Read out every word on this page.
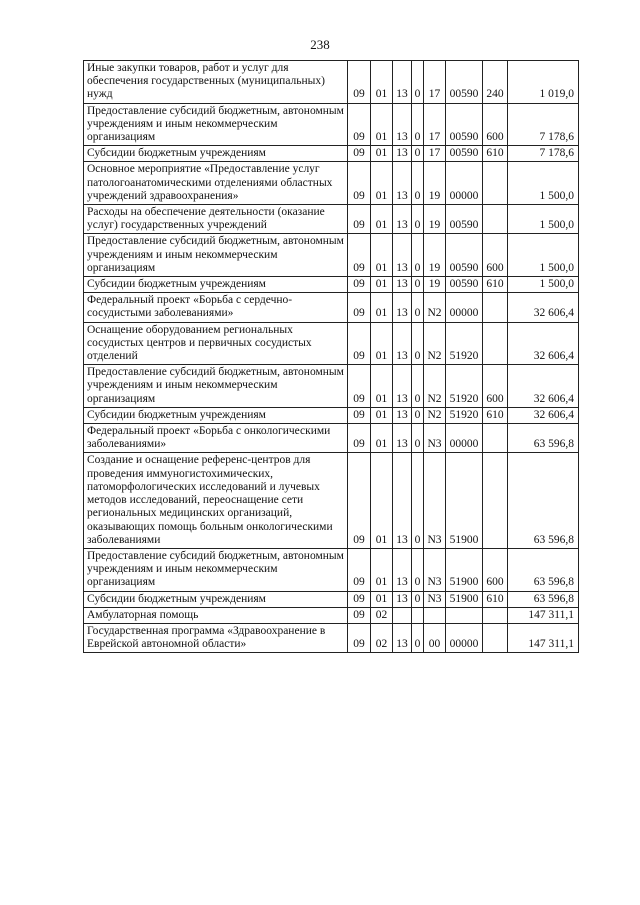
238
Иные закупки товаров, работ и услуг для обеспечения государственных (муниципальных) нужд	09	01	13	0	17	00590	240	1 019,0
Предоставление субсидий бюджетным, автономным учреждениям и иным некоммерческим организациям	09	01	13	0	17	00590	600	7 178,6
Субсидии бюджетным учреждениям	09	01	13	0	17	00590	610	7 178,6
Основное мероприятие «Предоставление услуг патологоанатомическими отделениями областных учреждений здравоохранения»	09	01	13	0	19	00000		1 500,0
Расходы на обеспечение деятельности (оказание услуг) государственных учреждений	09	01	13	0	19	00590		1 500,0
Предоставление субсидий бюджетным, автономным учреждениям и иным некоммерческим организациям	09	01	13	0	19	00590	600	1 500,0
Субсидии бюджетным учреждениям	09	01	13	0	19	00590	610	1 500,0
Федеральный проект «Борьба с сердечно-сосудистыми заболеваниями»	09	01	13	0	N2	00000		32 606,4
Оснащение оборудованием региональных сосудистых центров и первичных сосудистых отделений	09	01	13	0	N2	51920		32 606,4
Предоставление субсидий бюджетным, автономным учреждениям и иным некоммерческим организациям	09	01	13	0	N2	51920	600	32 606,4
Субсидии бюджетным учреждениям	09	01	13	0	N2	51920	610	32 606,4
Федеральный проект «Борьба с онкологическими заболеваниями»	09	01	13	0	N3	00000		63 596,8
Создание и оснащение референс-центров для проведения иммуногистохимических, патоморфологических исследований и лучевых методов исследований, переоснащение сети региональных медицинских организаций, оказывающих помощь больным онкологическими заболеваниями	09	01	13	0	N3	51900		63 596,8
Предоставление субсидий бюджетным, автономным учреждениям и иным некоммерческим организациям	09	01	13	0	N3	51900	600	63 596,8
Субсидии бюджетным учреждениям	09	01	13	0	N3	51900	610	63 596,8
Амбулаторная помощь	09	02						147 311,1
Государственная программа «Здравоохранение в Еврейской автономной области»	09	02	13	0	00	00000		147 311,1
